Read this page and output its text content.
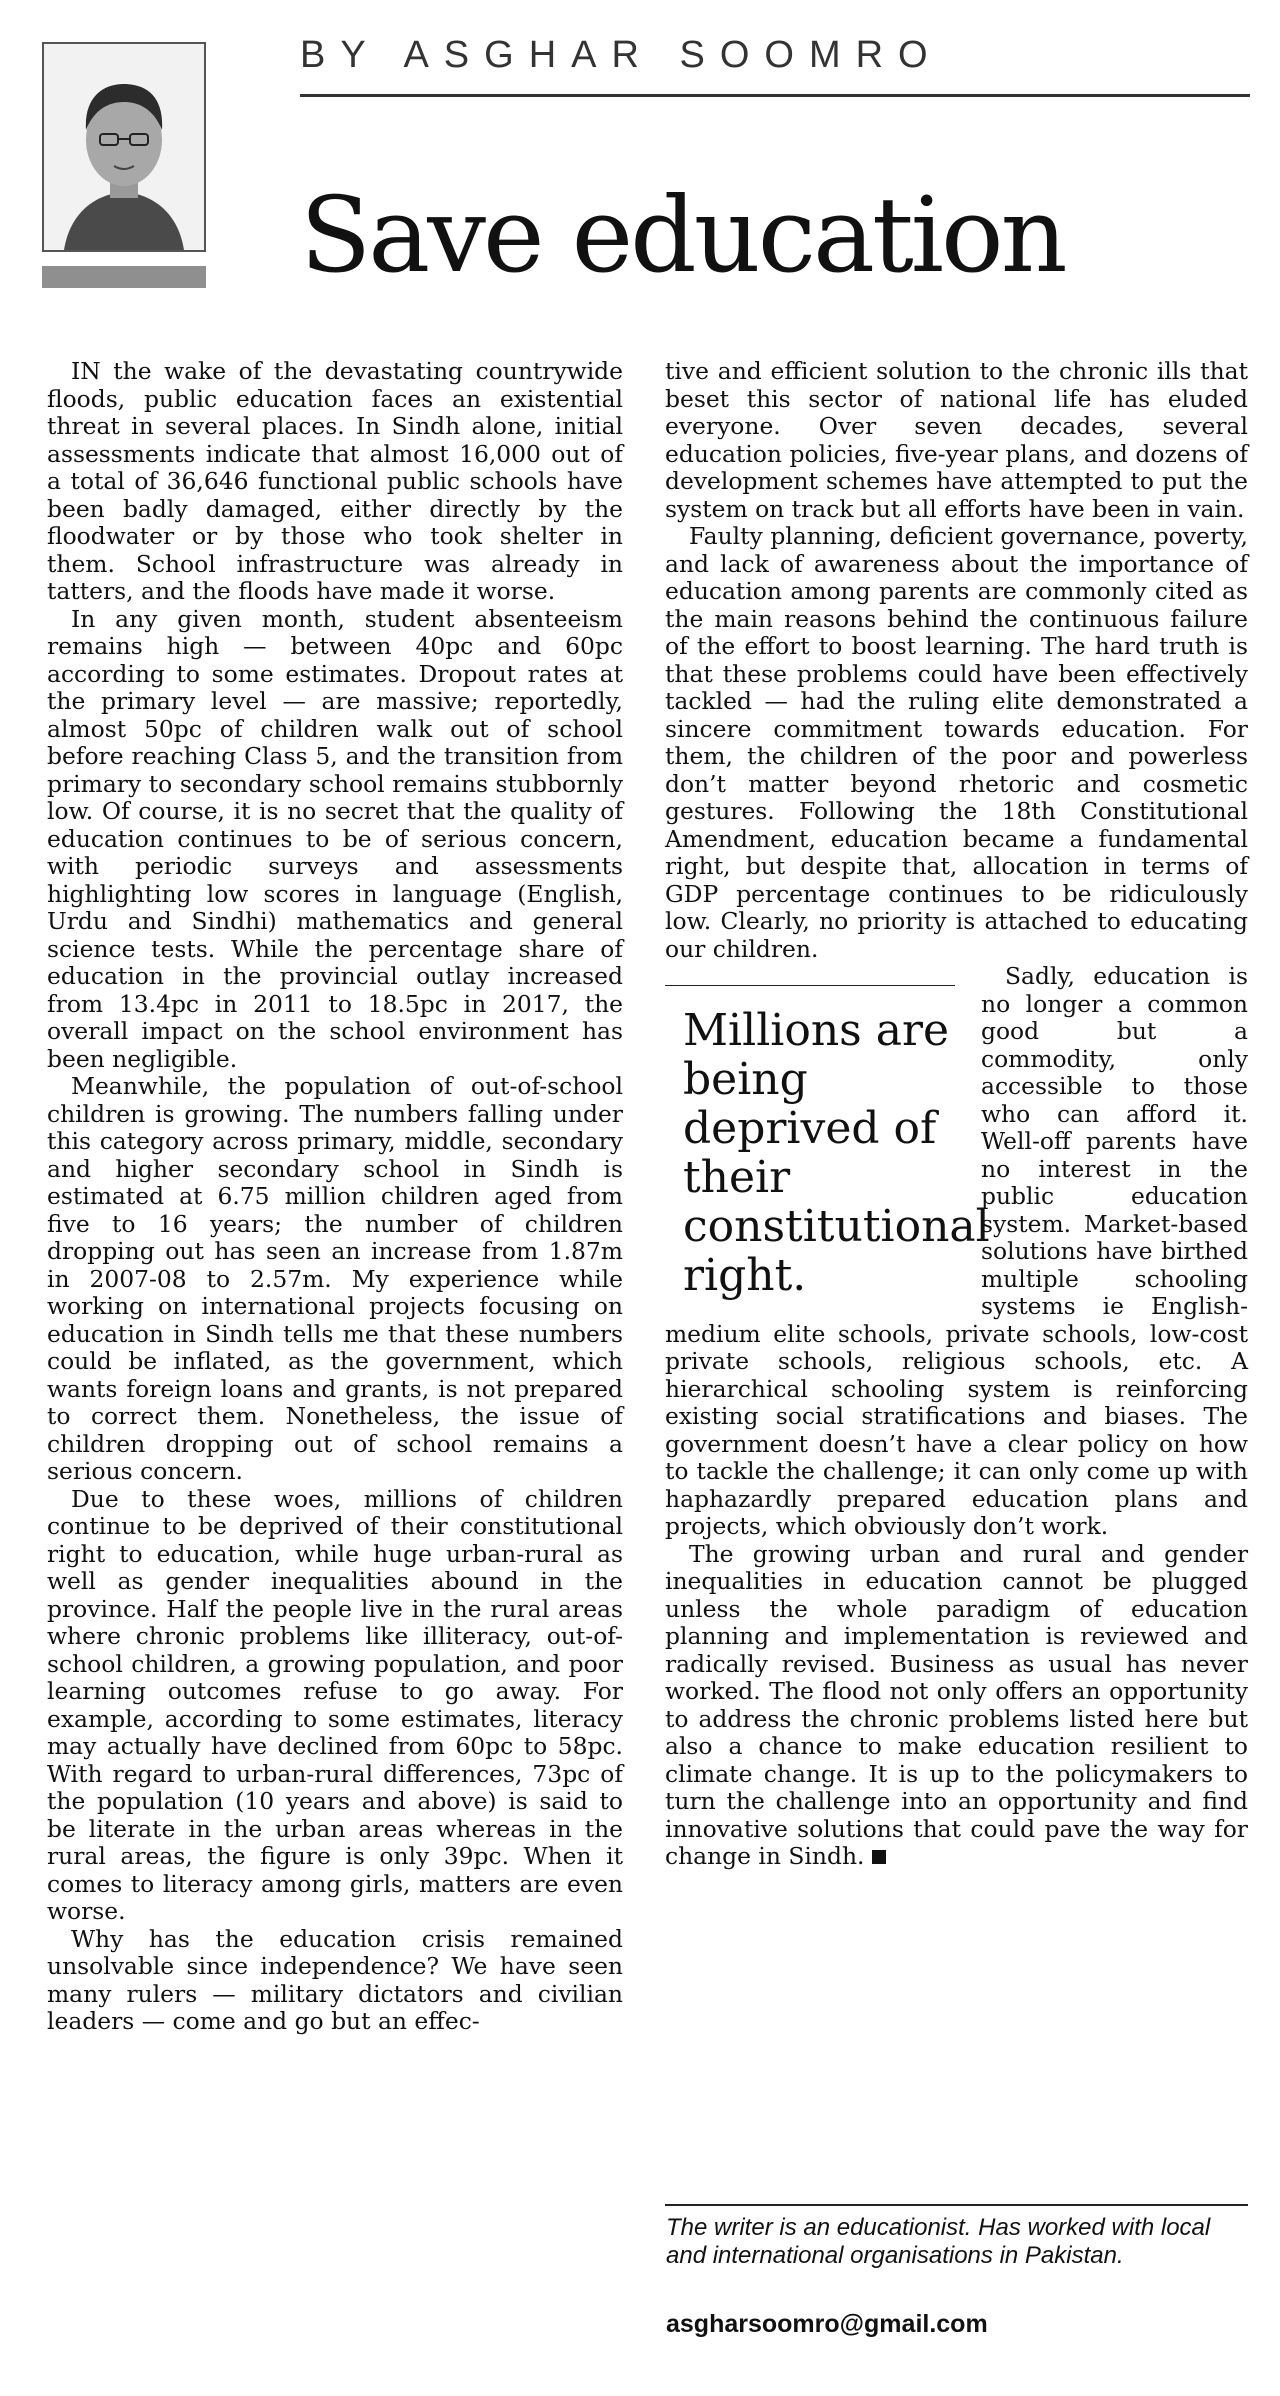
BY ASGHAR SOOMRO
Save education

IN the wake of the devastating countrywide floods, public education faces an existential threat in several places. In Sindh alone, initial assessments indicate that almost 16,000 out of a total of 36,646 functional public schools have been badly damaged, either directly by the floodwater or by those who took shelter in them. School infrastructure was already in tatters, and the floods have made it worse.

In any given month, student absenteeism remains high — between 40pc and 60pc according to some estimates. Dropout rates at the primary level — are massive; reportedly, almost 50pc of children walk out of school before reaching Class 5, and the transition from primary to secondary school remains stubbornly low. Of course, it is no secret that the quality of education continues to be of serious concern, with periodic surveys and assessments highlighting low scores in language (English, Urdu and Sindhi) mathematics and general science tests. While the percentage share of education in the provincial outlay increased from 13.4pc in 2011 to 18.5pc in 2017, the overall impact on the school environment has been negligible.

Meanwhile, the population of out-of-school children is growing. The numbers falling under this category across primary, middle, secondary and higher secondary school in Sindh is estimated at 6.75 million children aged from five to 16 years; the number of children dropping out has seen an increase from 1.87m in 2007-08 to 2.57m. My experience while working on international projects focusing on education in Sindh tells me that these numbers could be inflated, as the government, which wants foreign loans and grants, is not prepared to correct them. Nonetheless, the issue of children dropping out of school remains a serious concern.

Due to these woes, millions of children continue to be deprived of their constitutional right to education, while huge urban-rural as well as gender inequalities abound in the province. Half the people live in the rural areas where chronic problems like illiteracy, out-of-school children, a growing population, and poor learning outcomes refuse to go away. For example, according to some estimates, literacy may actually have declined from 60pc to 58pc. With regard to urban-rural differences, 73pc of the population (10 years and above) is said to be literate in the urban areas whereas in the rural areas, the figure is only 39pc. When it comes to literacy among girls, matters are even worse.

Why has the education crisis remained unsolvable since independence? We have seen many rulers — military dictators and civilian leaders — come and go but an effec-

tive and efficient solution to the chronic ills that beset this sector of national life has eluded everyone. Over seven decades, several education policies, five-year plans, and dozens of development schemes have attempted to put the system on track but all efforts have been in vain.

Faulty planning, deficient governance, poverty, and lack of awareness about the importance of education among parents are commonly cited as the main reasons behind the continuous failure of the effort to boost learning. The hard truth is that these problems could have been effectively tackled — had the ruling elite demonstrated a sincere commitment towards education. For them, the children of the poor and powerless don’t matter beyond rhetoric and cosmetic gestures. Following the 18th Constitutional Amendment, education became a fundamental right, but despite that, allocation in terms of GDP percentage continues to be ridiculously low. Clearly, no priority is attached to educating our children.

Millions are
being
deprived of
their
constitutional
right.

Sadly, education is no longer a common good but a commodity, only accessible to those who can afford it. Well-off parents have no interest in the public education system. Market-based solutions have birthed multiple schooling systems ie English-medium elite schools, private schools, low-cost private schools, religious schools, etc. A hierarchical schooling system is reinforcing existing social stratifications and biases. The government doesn’t have a clear policy on how to tackle the challenge; it can only come up with haphazardly prepared education plans and projects, which obviously don’t work.

The growing urban and rural and gender inequalities in education cannot be plugged unless the whole paradigm of education planning and implementation is reviewed and radically revised. Business as usual has never worked. The flood not only offers an opportunity to address the chronic problems listed here but also a chance to make education resilient to climate change. It is up to the policymakers to turn the challenge into an opportunity and find innovative solutions that could pave the way for change in Sindh.

The writer is an educationist. Has worked with local and international organisations in Pakistan.

asgharsoomro@gmail.com
